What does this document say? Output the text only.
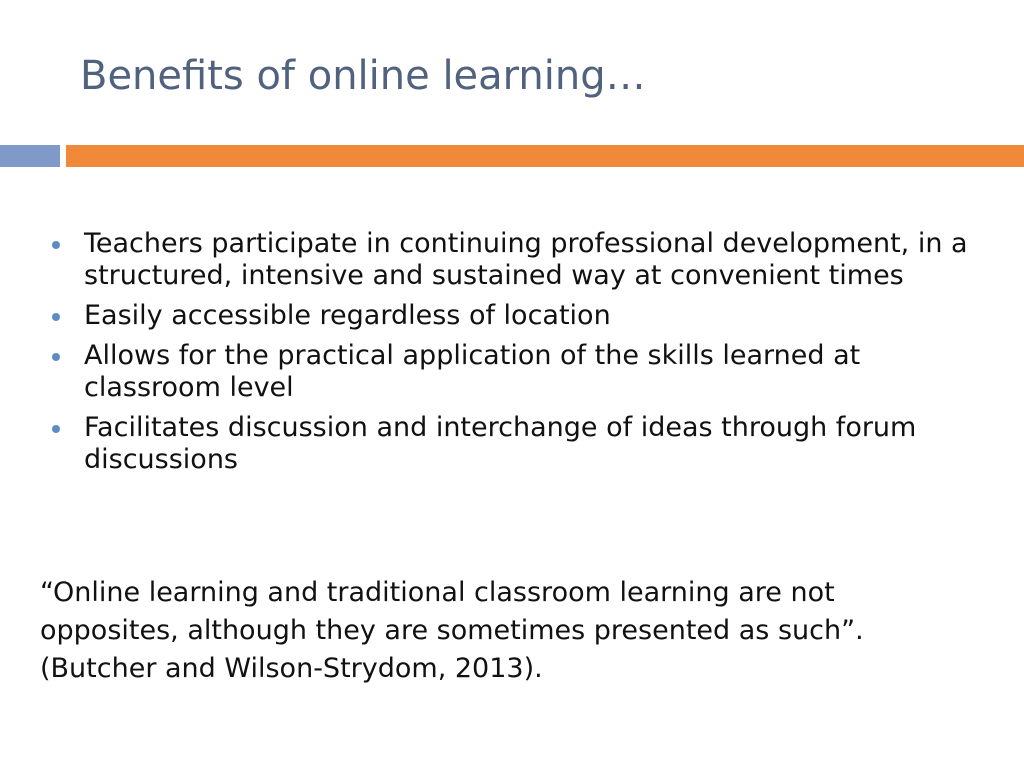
Benefits of online learning…
Teachers participate in continuing professional development, in a structured, intensive and sustained way at convenient times
Easily accessible regardless of location
Allows for the practical application of the skills learned at classroom level
Facilitates discussion and interchange of ideas through forum discussions

“Online learning and traditional classroom learning are not
opposites, although they are sometimes presented as such”.
(Butcher and Wilson-Strydom, 2013).
